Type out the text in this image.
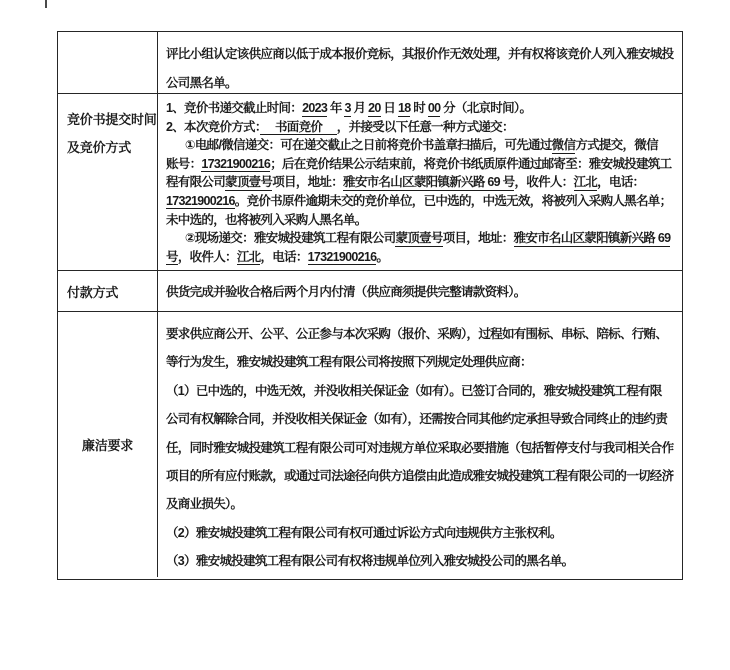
评比小组认定该供应商以低于成本报价竞标，其报价作无效处理，并有权将该竞价人列入雅安城投
公司黑名单。
竞价书提交时间
及竞价方式
1、竞价书递交截止时间：2023 年 3 月 20 日 18 时 00 分（北京时间）。
2、本次竞价方式：　 书面竞价 　，并接受以下任意一种方式递交：
①电邮/微信递交：可在递交截止之日前将竞价书盖章扫描后，可先通过微信方式提交，微信
账号：17321900216；后在竞价结果公示结束前，将竞价书纸质原件通过邮寄至：雅安城投建筑工
程有限公司蒙顶壹号项目，地址：雅安市名山区蒙阳镇新兴路 69 号，收件人：江北，电话：
17321900216。竞价书原件逾期未交的竞价单位，已中选的，中选无效，将被列入采购人黑名单；
未中选的，也将被列入采购人黑名单。
②现场递交：雅安城投建筑工程有限公司蒙顶壹号项目，地址：雅安市名山区蒙阳镇新兴路 69
号，收件人：江北，电话：17321900216。
付款方式	供货完成并验收合格后两个月内付清（供应商须提供完整请款资料）。
廉洁要求
要求供应商公开、公平、公正参与本次采购（报价、采购），过程如有围标、串标、陪标、行贿、
等行为发生，雅安城投建筑工程有限公司将按照下列规定处理供应商：
（1）已中选的，中选无效，并没收相关保证金（如有）。已签订合同的，雅安城投建筑工程有限
公司有权解除合同，并没收相关保证金（如有），还需按合同其他约定承担导致合同终止的违约责
任，同时雅安城投建筑工程有限公司可对违规方单位采取必要措施（包括暂停支付与我司相关合作
项目的所有应付账款，或通过司法途径向供方追偿由此造成雅安城投建筑工程有限公司的一切经济
及商业损失）。
（2）雅安城投建筑工程有限公司有权可通过诉讼方式向违规供方主张权利。
（3）雅安城投建筑工程有限公司有权将违规单位列入雅安城投公司的黑名单。
